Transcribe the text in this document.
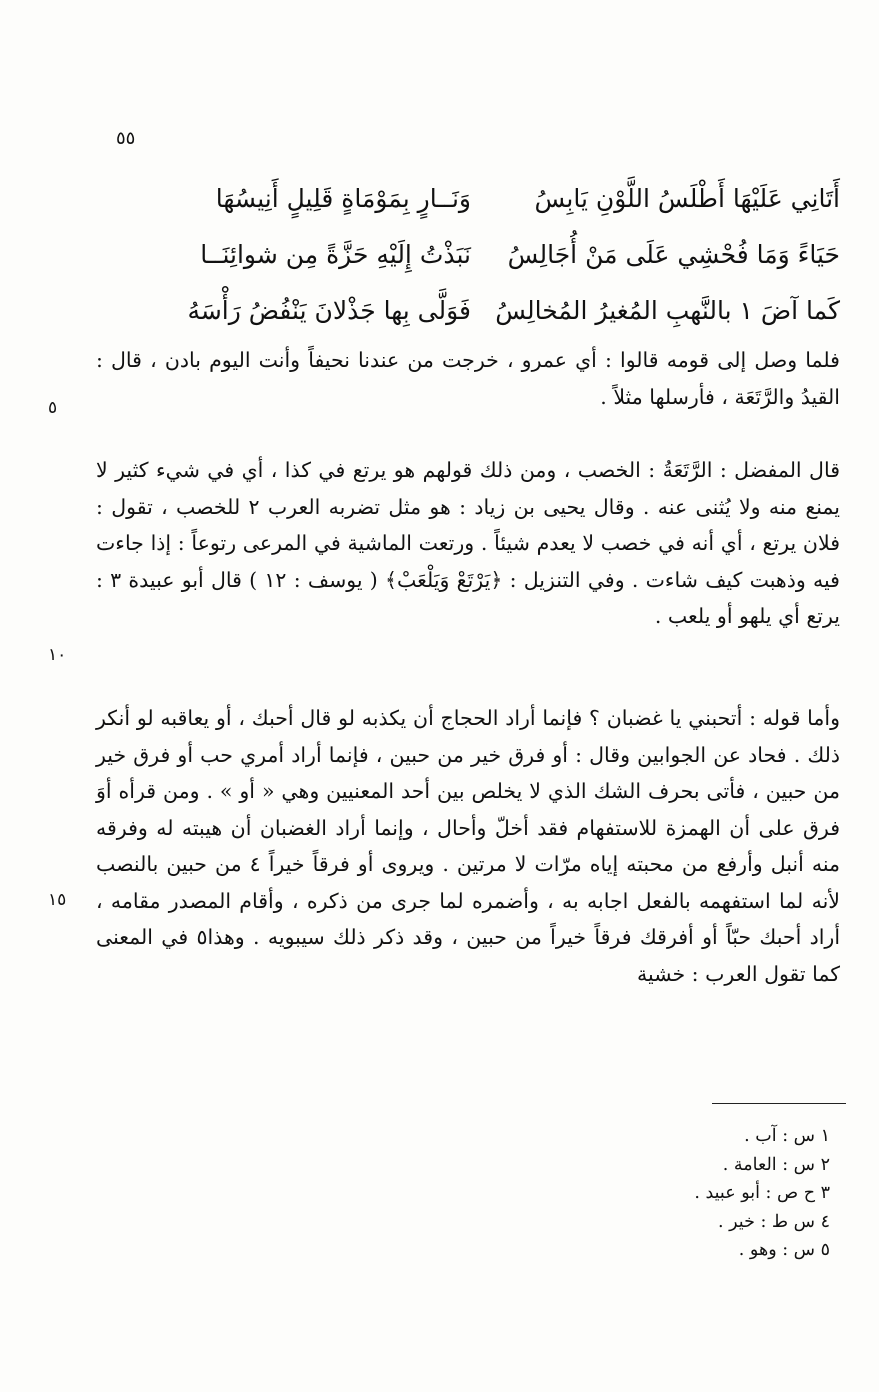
٥٥
أَتَانِي عَلَيْهَا أَطْلَسُ اللَّوْنِ يَابِسُ
وَنَــارٍ بِمَوْمَاةٍ قَلِيلٍ أَنِيسُهَا
حَيَاءً وَمَا فُحْشِي عَلَى مَنْ أُجَالِسُ
نَبَذْتُ إِلَيْهِ حَزَّةً مِن شوائِنَــا
كَما آضَ ١ بالنَّهبِ المُغيرُ المُخالِسُ
فَوَلَّى بِها جَذْلانَ يَنْفُضُ رَأْسَهُ
فلما وصل إلى قومه قالوا : أي عمرو ، خرجت من عندنا نحيفاً وأنت اليوم بادن ، قال : القيدُ والرَّتَعَة ، فأرسلها مثلاً .
قال المفضل : الرَّتَعَةُ : الخصب ، ومن ذلك قولهم هو يرتع في كذا ، أي في شيء كثير لا يمنع منه ولا يُثنى عنه . وقال يحيى بن زياد : هو مثل تضربه العرب ٢ للخصب ، تقول : فلان يرتع ، أي أنه في خصب لا يعدم شيئاً . ورتعت الماشية في المرعى رتوعاً : إذا جاءت فيه وذهبت كيف شاءت . وفي التنزيل : ﴿يَرْتَعْ وَيَلْعَبْ﴾ ( يوسف : ١٢ ) قال أبو عبيدة ٣ : يرتع أي يلهو أو يلعب .
وأما قوله : أتحبني يا غضبان ؟ فإنما أراد الحجاج أن يكذبه لو قال أحبك ، أو يعاقبه لو أنكر ذلك . فحاد عن الجوابين وقال : أو فرق خير من حبين ، فإنما أراد أمري حب أو فرق خير من حبين ، فأتى بحرف الشك الذي لا يخلص بين أحد المعنيين وهي « أو » . ومن قرأه أوَ فرق على أن الهمزة للاستفهام فقد أخلّ وأحال ، وإنما أراد الغضبان أن هيبته له وفرقه منه أنبل وأرفع من محبته إياه مرّات لا مرتين . ويروى أو فرقاً خيراً ٤ من حبين بالنصب لأنه لما استفهمه بالفعل اجابه به ، وأضمره لما جرى من ذكره ، وأقام المصدر مقامه ، أراد أحبك حبّاً أو أفرقك فرقاً خيراً من حبين ، وقد ذكر ذلك سيبويه . وهذا٥ في المعنى كما تقول العرب : خشية
٥
١٠
١٥
١ س : آب .
٢ س : العامة .
٣ ح ص : أبو عبيد .
٤ س ط : خير .
٥ س : وهو .
